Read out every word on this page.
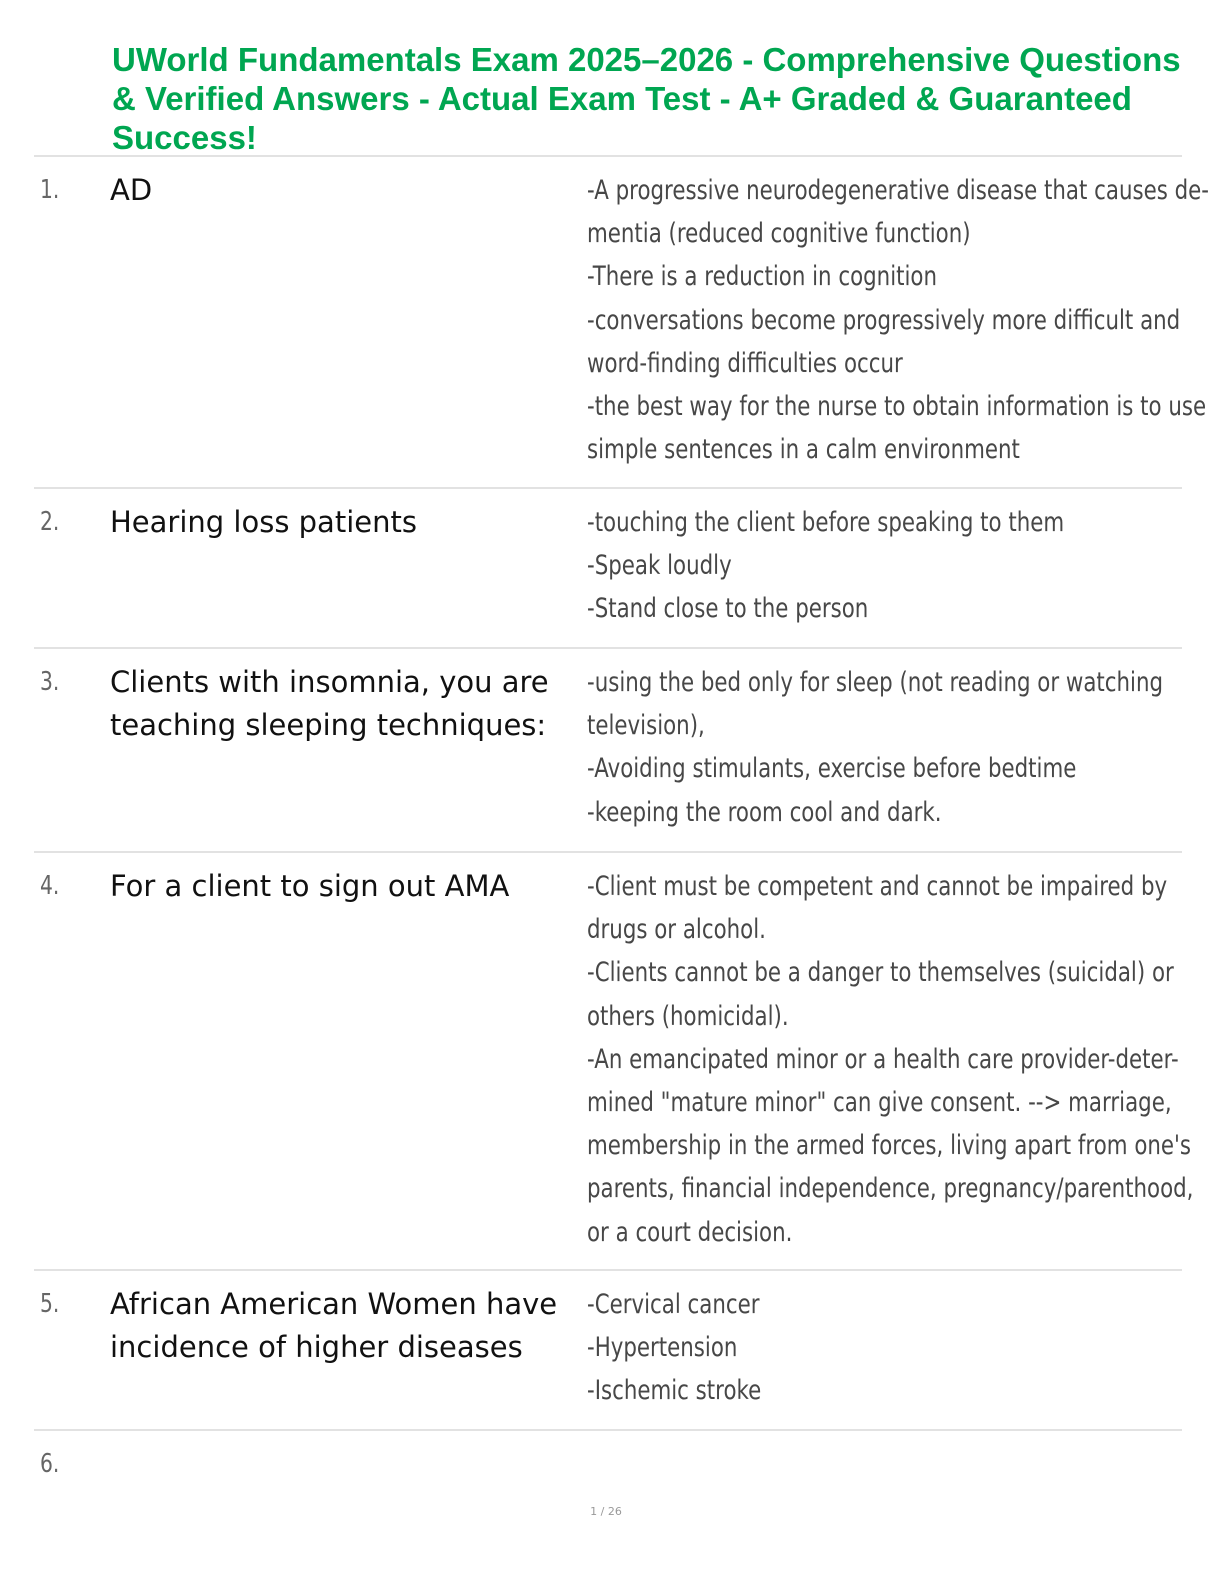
UWorld Fundamentals Exam 2025–2026 - Comprehensive Questions & Verified Answers - Actual Exam Test - A+ Graded & Guaranteed Success!
1. AD	-A progressive neurodegenerative disease that causes de-
mentia (reduced cognitive function)
-There is a reduction in cognition
-conversations become progressively more difficult and
word-finding difficulties occur
-the best way for the nurse to obtain information is to use
simple sentences in a calm environment
2. Hearing loss patients	-touching the client before speaking to them
-Speak loudly
-Stand close to the person
3. Clients with insomnia, you are teaching sleeping techniques:
-using the bed only for sleep (not reading or watching
television),
-Avoiding stimulants, exercise before bedtime
-keeping the room cool and dark.
4. For a client to sign out AMA	-Client must be competent and cannot be impaired by
drugs or alcohol.
-Clients cannot be a danger to themselves (suicidal) or
others (homicidal).
-An emancipated minor or a health care provider-deter-
mined "mature minor" can give consent. --> marriage,
membership in the armed forces, living apart from one's
parents, financial independence, pregnancy/parenthood,
or a court decision.
5. African American Women have incidence of higher diseases
-Cervical cancer
-Hypertension
-Ischemic stroke
6.
1 / 26
